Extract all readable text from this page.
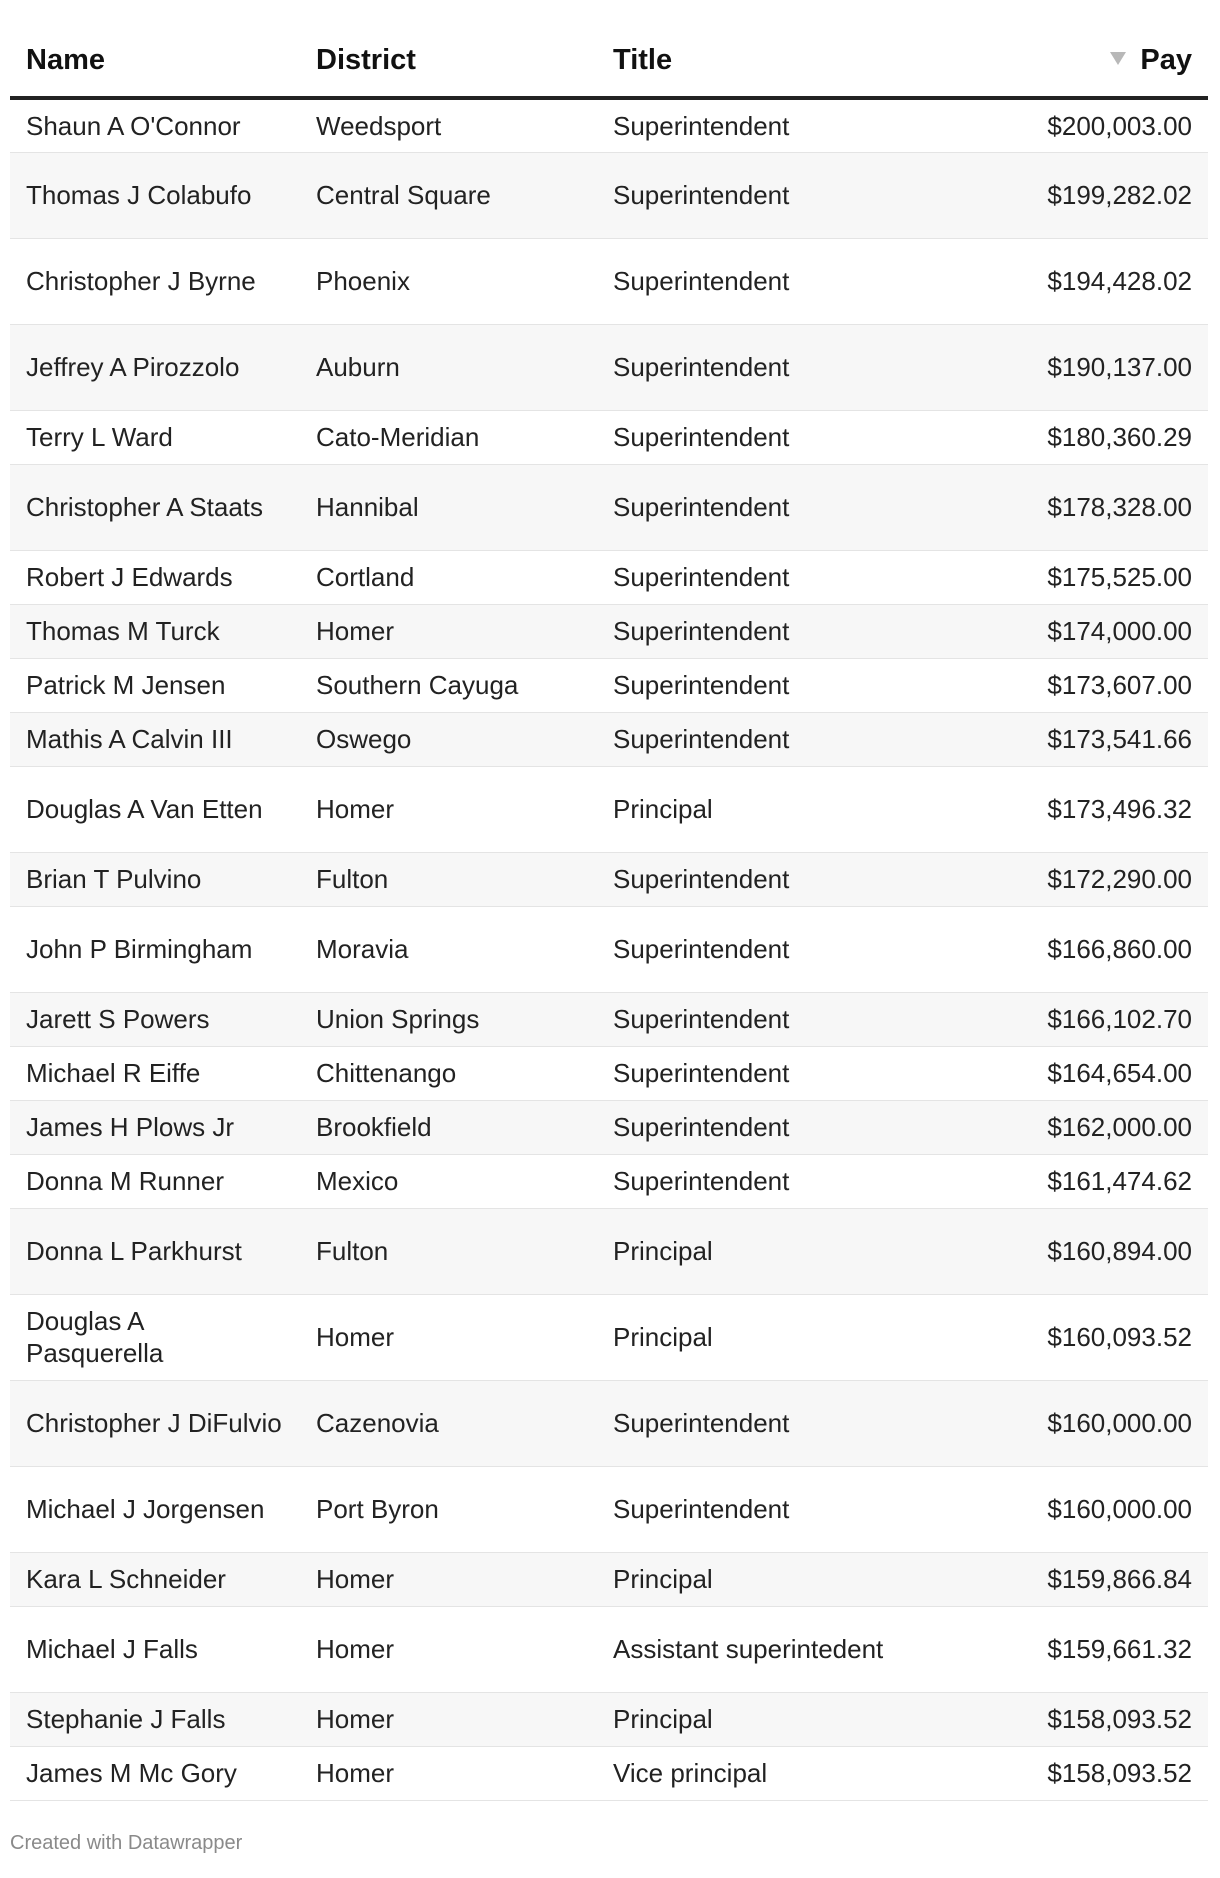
Name	District	Title	Pay
Shaun A O'Connor	Weedsport	Superintendent	$200,003.00
Thomas J Colabufo	Central Square	Superintendent	$199,282.02
Christopher J Byrne	Phoenix	Superintendent	$194,428.02
Jeffrey A Pirozzolo	Auburn	Superintendent	$190,137.00
Terry L Ward	Cato-Meridian	Superintendent	$180,360.29
Christopher A Staats	Hannibal	Superintendent	$178,328.00
Robert J Edwards	Cortland	Superintendent	$175,525.00
Thomas M Turck	Homer	Superintendent	$174,000.00
Patrick M Jensen	Southern Cayuga	Superintendent	$173,607.00
Mathis A Calvin III	Oswego	Superintendent	$173,541.66
Douglas A Van Etten	Homer	Principal	$173,496.32
Brian T Pulvino	Fulton	Superintendent	$172,290.00
John P Birmingham	Moravia	Superintendent	$166,860.00
Jarett S Powers	Union Springs	Superintendent	$166,102.70
Michael R Eiffe	Chittenango	Superintendent	$164,654.00
James H Plows Jr	Brookfield	Superintendent	$162,000.00
Donna M Runner	Mexico	Superintendent	$161,474.62
Donna L Parkhurst	Fulton	Principal	$160,894.00
Douglas A Pasquerella	Homer	Principal	$160,093.52
Christopher J DiFulvio	Cazenovia	Superintendent	$160,000.00
Michael J Jorgensen	Port Byron	Superintendent	$160,000.00
Kara L Schneider	Homer	Principal	$159,866.84
Michael J Falls	Homer	Assistant superintedent	$159,661.32
Stephanie J Falls	Homer	Principal	$158,093.52
James M Mc Gory	Homer	Vice principal	$158,093.52
Created with Datawrapper
